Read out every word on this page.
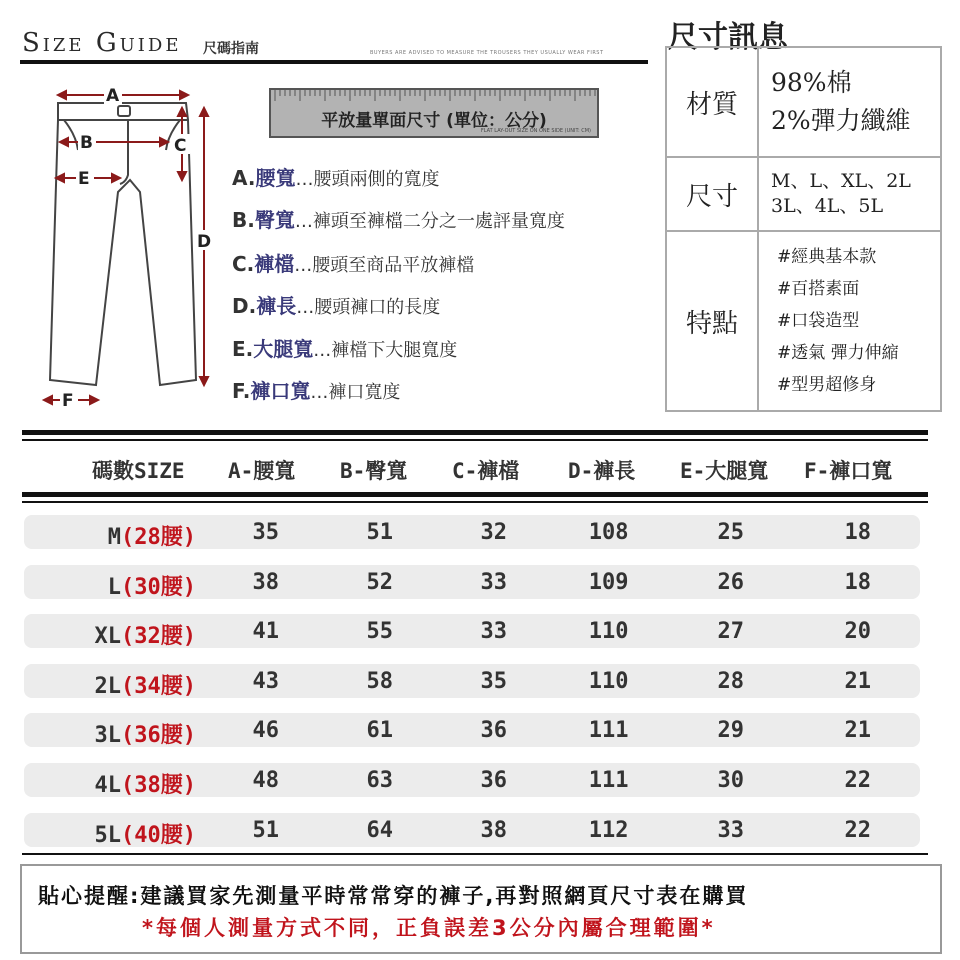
Size Guide 尺碼指南	BUYERS ARE ADVISED TO MEASURE THE TROUSERS THEY USUALLY WEAR FIRST
A
B	C
D
E
F
平放量單面尺寸 (單位：公分)
FLAT LAY-OUT SIZE ON ONE SIDE (UNIT: CM)
A.腰寬…腰頭兩側的寬度
B.臀寬…褲頭至褲檔二分之一處評量寬度
C.褲檔…腰頭至商品平放褲檔
D.褲長…腰頭褲口的長度
E.大腿寬…褲檔下大腿寬度
F.褲口寬…褲口寬度
尺寸訊息
材質
98%棉
2%彈力纖維
尺寸
M、L、XL、2L
3L、4L、5L
特點
#經典基本款
#百搭素面
#口袋造型
#透氣 彈力伸縮
#型男超修身
碼數SIZE A-腰寬 B-臀寬 C-褲檔 D-褲長 E-大腿寬 F-褲口寬
M(28腰)	35	51	32	108	25	18
L(30腰)	38	52	33	109	26	18
XL(32腰)	41	55	33	110	27	20
2L(34腰)	43	58	35	110	28	21
3L(36腰)	46	61	36	111	29	21
4L(38腰)	48	63	36	111	30	22
5L(40腰)	51	64	38	112	33	22
貼心提醒:建議買家先測量平時常常穿的褲子,再對照網頁尺寸表在購買
*每個人測量方式不同，正負誤差3公分內屬合理範圍*
